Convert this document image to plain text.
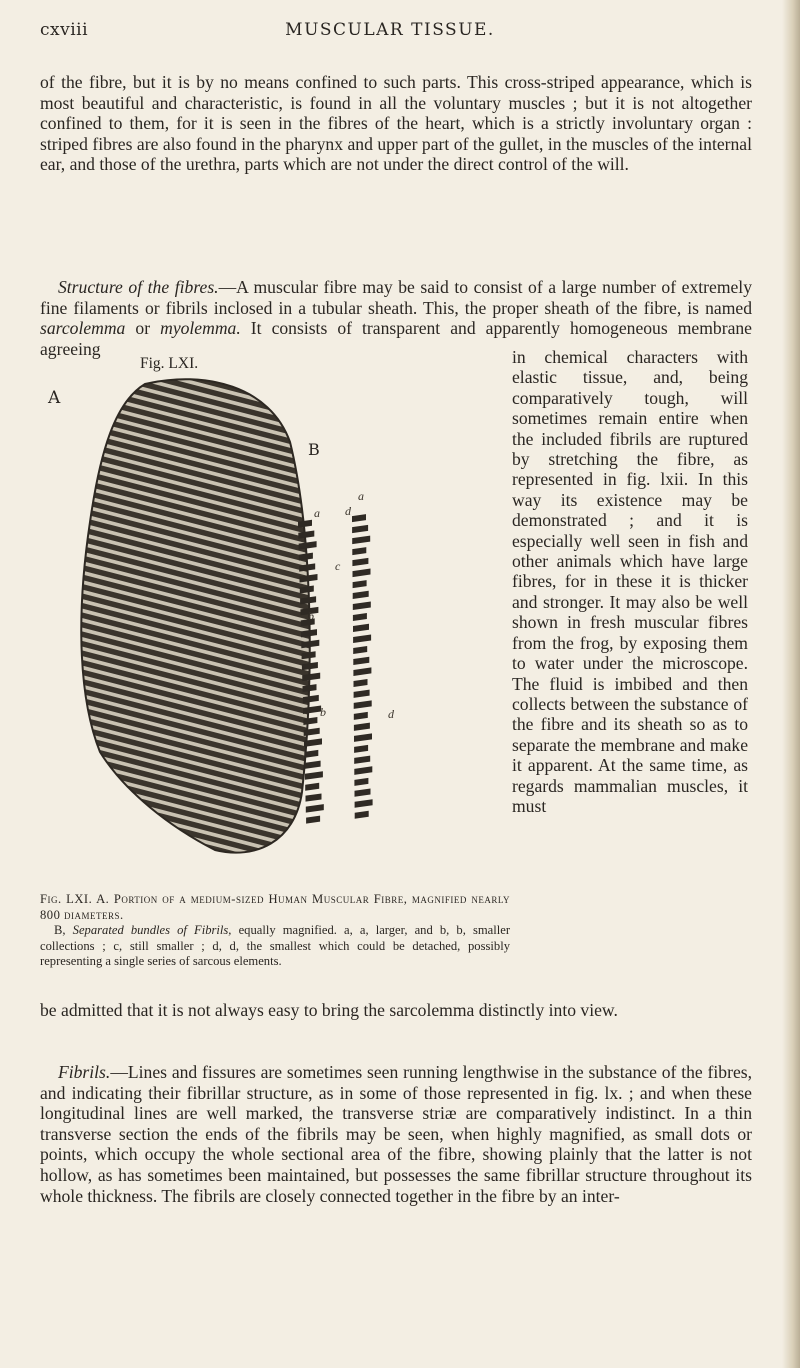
cxviii	MUSCULAR TISSUE.

of the fibre, but it is by no means confined to such parts. This cross-striped appearance, which is most beautiful and characteristic, is found in all the voluntary muscles ; but it is not altogether confined to them, for it is seen in the fibres of the heart, which is a strictly involuntary organ : striped fibres are also found in the pharynx and upper part of the gullet, in the muscles of the internal ear, and those of the urethra, parts which are not under the direct control of the will.

Structure of the fibres.—A muscular fibre may be said to consist of a large number of extremely fine filaments or fibrils inclosed in a tubular sheath. This, the proper sheath of the fibre, is named sarcolemma or myolemma. It consists of transparent and apparently homogeneous membrane agreeing

Fig. LXI.
A
B
a
a d
c
b
b	d
Fig. LXI. A. Portion of a medium-sized Human Muscular Fibre, magnified nearly 800 diameters.
B, Separated bundles of Fibrils, equally magnified. a, a, larger, and b, b, smaller collections ; c, still smaller ; d, d, the smallest which could be detached, possibly representing a single series of sarcous elements.

in chemical characters with elastic tissue, and, being comparatively tough, will sometimes remain entire when the included fibrils are ruptured by stretching the fibre, as represented in fig. lxii. In this way its existence may be demonstrated ; and it is especially well seen in fish and other animals which have large fibres, for in these it is thicker and stronger. It may also be well shown in fresh muscular fibres from the frog, by exposing them to water under the microscope. The fluid is imbibed and then collects between the substance of the fibre and its sheath so as to separate the membrane and make it apparent. At the same time, as regards mammalian muscles, it must

be admitted that it is not always easy to bring the sarcolemma distinctly into view.

Fibrils.—Lines and fissures are sometimes seen running lengthwise in the substance of the fibres, and indicating their fibrillar structure, as in some of those represented in fig. lx. ; and when these longitudinal lines are well marked, the transverse striæ are comparatively indistinct. In a thin transverse section the ends of the fibrils may be seen, when highly magnified, as small dots or points, which occupy the whole sectional area of the fibre, showing plainly that the latter is not hollow, as has sometimes been maintained, but possesses the same fibrillar structure throughout its whole thickness. The fibrils are closely connected together in the fibre by an inter-
